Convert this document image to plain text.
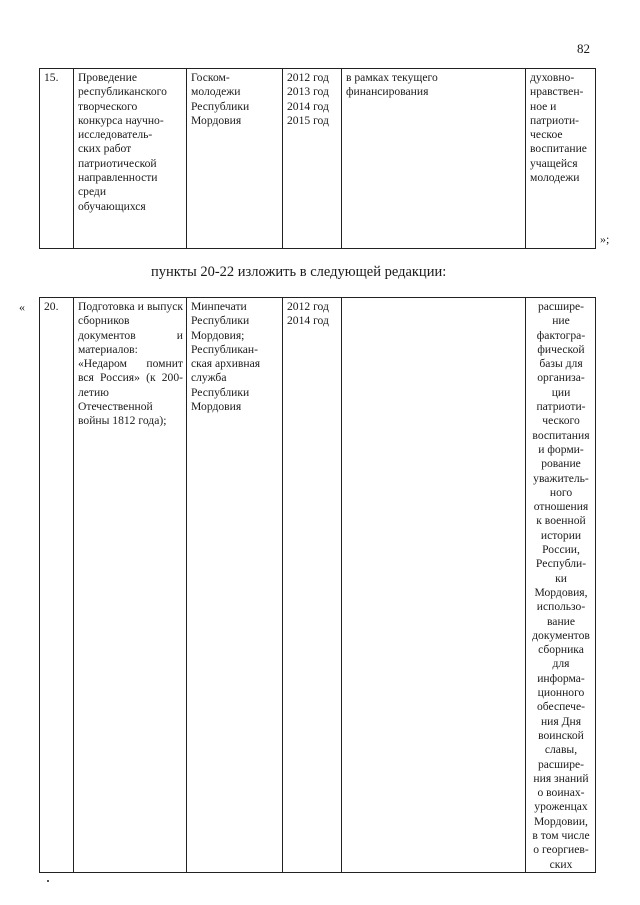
82
15.	Проведение
республиканского
творческого
конкурса научно-
исследователь-
ских работ
патриотической
направленности
среди
обучающихся	Госком-
молодежи
Республики
Мордовия	2012 год
2013 год
2014 год
2015 год	в рамках текущего
финансирования	духовно-
нравствен-
ное и
патриоти-
ческое
воспитание
учащейся
молодежи
»;
пункты 20-22 изложить в следующей редакции:
« 20.	Подготовка и выпуск сборников документов и материалов: «Недаром помнит вся Россия» (к 200-летию Отечественной войны 1812 года);	Минпечати Республики Мордовия; Республикан-ская архивная служба Республики Мордовия	2012 год
2014 год		расшире-
ние
фактогра-
фической
базы для
организа-
ции
патриоти-
ческого
воспитания
и форми-
рование
уважитель-
ного
отношения
к военной
истории
России,
Республи-
ки
Мордовия,
использо-
вание
документов
сборника
для
информа-
ционного
обеспече-
ния Дня
воинской
славы,
расшире-
ния знаний
о воинах-
уроженцах
Мордовии,
в том числе
о георгиев-
ских
